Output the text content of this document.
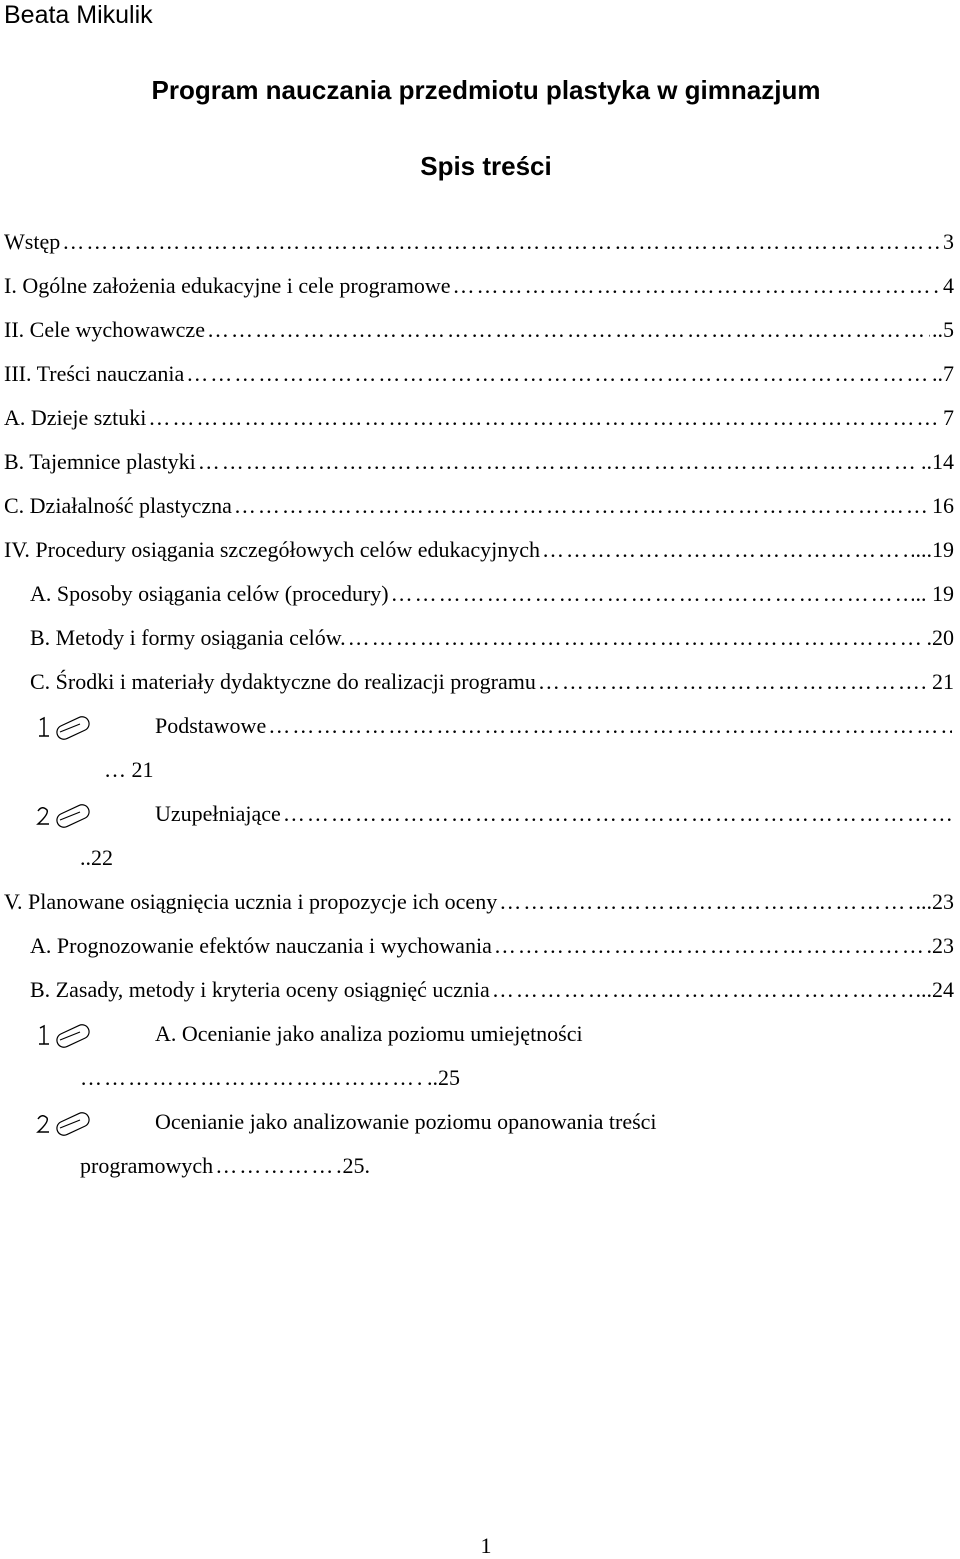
Beata Mikulik
Program nauczania przedmiotu plastyka w gimnazjum
Spis treści
Wstęp ……………………………………………………………………………………………………………………………………………………	3
I. Ogólne założenia edukacyjne i cele programowe ……………………………………………………………………………………………………………………………………………………	4
II. Cele wychowawcze ……………………………………………………………………………………………………………………………………………………	..5
III. Treści nauczania ……………………………………………………………………………………………………………………………………………………	..7
A. Dzieje sztuki ……………………………………………………………………………………………………………………………………………………	7
B. Tajemnice plastyki ……………………………………………………………………………………………………………………………………………………	..14
C. Działalność plastyczna ……………………………………………………………………………………………………………………………………………………	16
IV. Procedury osiągania szczegółowych celów edukacyjnych ……………………………………………………………………………………………………………………………………………………	...19
A. Sposoby osiągania celów (procedury) ……………………………………………………………………………………………………………………………………………………	.. 19
B. Metody i formy osiągania celów. ……………………………………………………………………………………………………………………………………………………	. .20
C. Środki i materiały dydaktyczne do realizacji programu ……………………………………………………………………………………………………………………………………………………	. 21
Podstawowe
……………………………………………………………………………………………………………………………………………………
… 21
Uzupełniające
……………………………………………………………………………………………………………………………………………………
..22
V. Planowane osiągnięcia ucznia i propozycje ich oceny ……………………………………………………………………………………………………………………………………………………	...23
A. Prognozowanie efektów nauczania i wychowania ……………………………………………………………………………………………………………………………………………………	.23
B. Zasady, metody i kryteria oceny osiągnięć ucznia ……………………………………………………………………………………………………………………………………………………	...24
A. Ocenianie jako analiza poziomu umiejętności
……………………………………………………………………………………………………………………………………………………
..25
Ocenianie jako analizowanie poziomu opanowania treści
programowych ……………………………………………………………………………………………………………………………………………………	25.
1
